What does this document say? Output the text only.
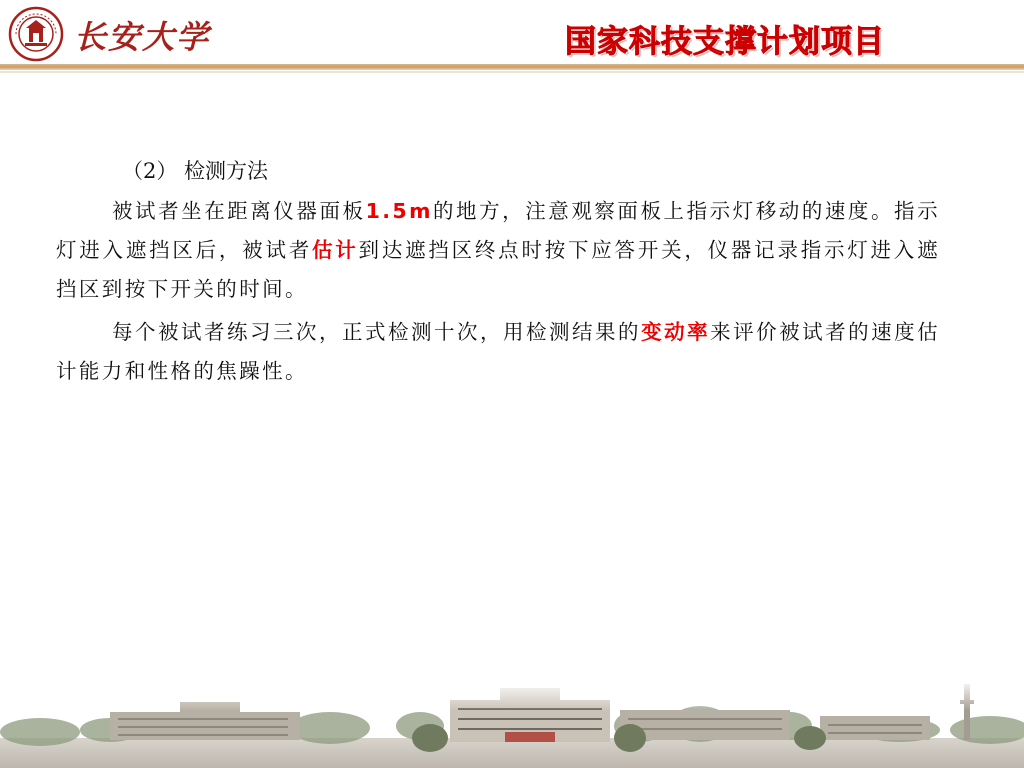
长安大学	国家科技支撑计划项目

（2） 检测方法

被试者坐在距离仪器面板1.5m的地方，注意观察面板上指示灯移动的速度。指示灯进入遮挡区后，被试者估计到达遮挡区终点时按下应答开关，仪器记录指示灯进入遮挡区到按下开关的时间。

每个被试者练习三次，正式检测十次，用检测结果的变动率来评价被试者的速度估计能力和性格的焦躁性。
